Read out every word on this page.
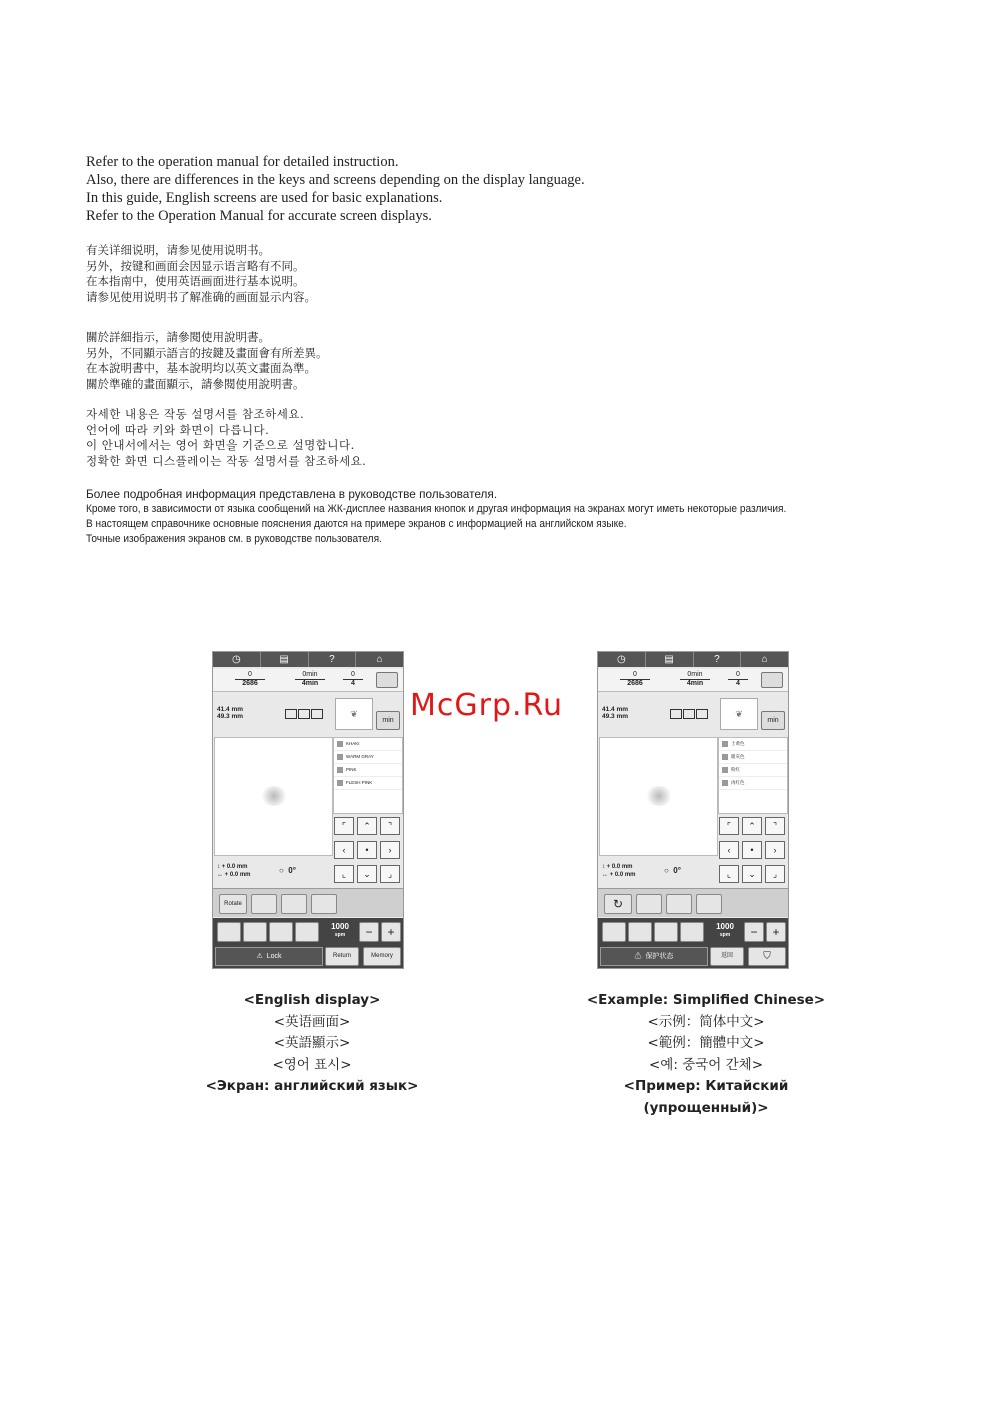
Refer to the operation manual for detailed instruction.
Also, there are differences in the keys and screens depending on the display language.
In this guide, English screens are used for basic explanations.
Refer to the Operation Manual for accurate screen displays.
有关详细说明，请参见使用说明书。
另外，按键和画面会因显示语言略有不同。
在本指南中，使用英语画面进行基本说明。
请参见使用说明书了解准确的画面显示内容。
關於詳細指示，請參閱使用說明書。
另外，不同顯示語言的按鍵及畫面會有所差異。
在本說明書中，基本說明均以英文畫面為準。
關於準確的畫面顯示，請參閱使用說明書。
자세한 내용은 작동 설명서를 참조하세요.
언어에 따라 키와 화면이 다릅니다.
이 안내서에서는 영어 화면을 기준으로 설명합니다.
정확한 화면 디스플레이는 작동 설명서를 참조하세요.
Более подробная информация представлена в руководстве пользователя.
Кроме того, в зависимости от языка сообщений на ЖК-дисплее названия кнопок и другая информация на экранах могут иметь некоторые различия.
В настоящем справочнике основные пояснения даются на примере экранов с информацией на английском языке.
Точные изображения экранов см. в руководстве пользователя.
◷	▤	?	⌂
0
2686
0min
4min
0
4
41.4 mm
49.3 mm	❦
min
KHAKI
WARM GRAY
PINK
FLESH PINK
⌜	⌃	⌝
‹	•	›
⌞	⌄	⌟
↕ + 0.0 mm
↔ + 0.0 mm	○  0°
Rotate
1000
spm	−	+
⚠  Lock	Return	Memory
◷	▤	?	⌂
0
2686
0min
4min
0
4
41.4 mm
49.3 mm	❦
min
土黄色
暖灰色
粉红
肉红色
⌜	⌃	⌝
‹	•	›
⌞	⌄	⌟
↕ + 0.0 mm
↔ + 0.0 mm	○  0°
↻
1000
spm	−	+
⚠  保护状态	返回	⛉
McGrp.Ru
<English display>
<英语画面>
<英語顯示>
<영어 표시>
<Экран: английский язык>
<Example: Simplified Chinese>
<示例：简体中文>
<範例：簡體中文>
<예: 중국어 간체>
<Пример: Китайский
(упрощенный)>
